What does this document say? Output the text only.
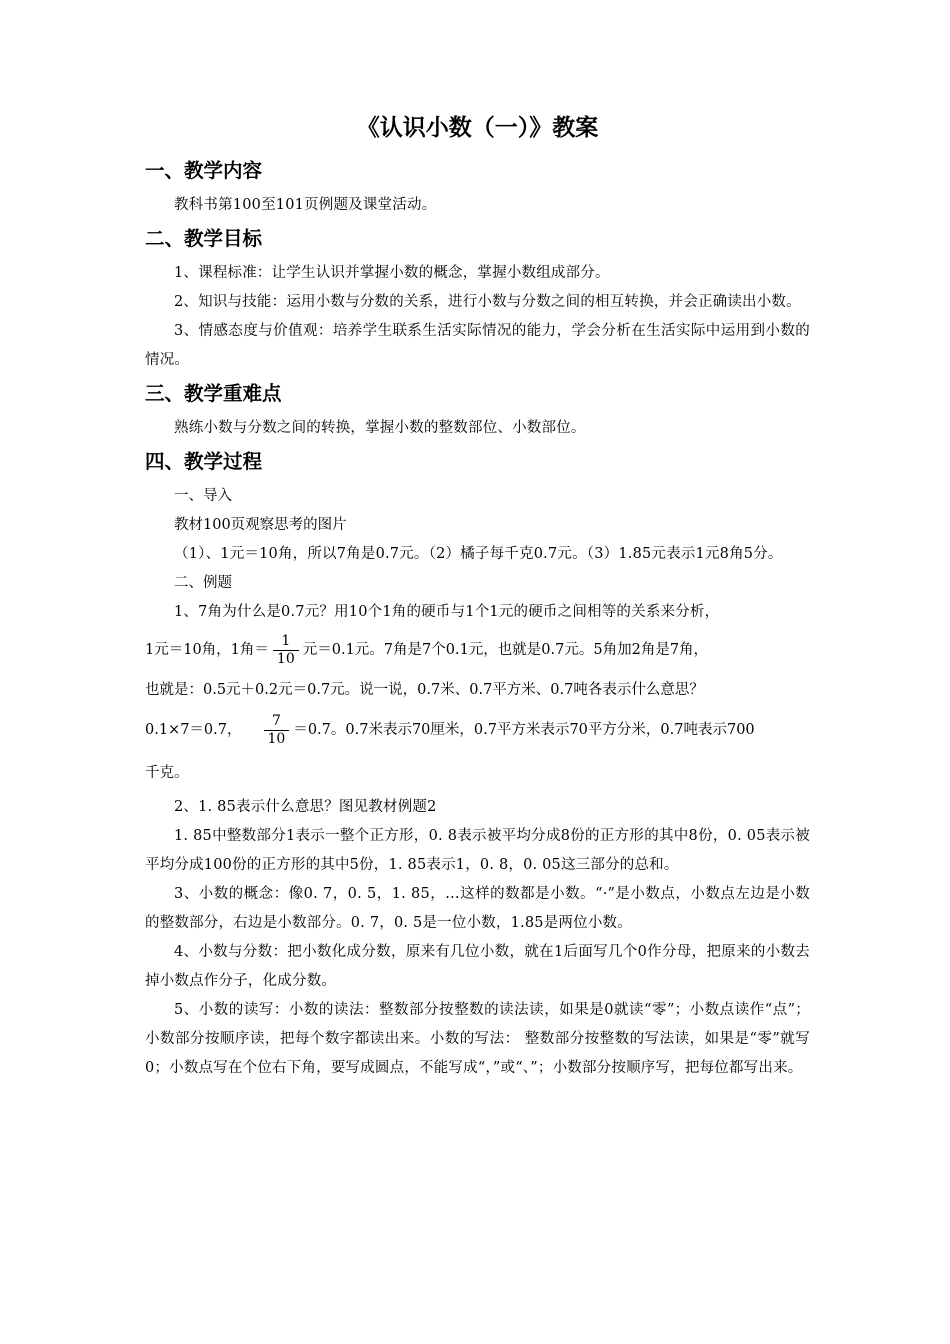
《认识小数（一）》教案
一、教学内容

教科书第100至101页例题及课堂活动。

二、教学目标

1、课程标准：让学生认识并掌握小数的概念，掌握小数组成部分。

2、知识与技能：运用小数与分数的关系，进行小数与分数之间的相互转换，并会正确读出小数。

3、情感态度与价值观：培养学生联系生活实际情况的能力，学会分析在生活实际中运用到小数的情况。

三、教学重难点

熟练小数与分数之间的转换，掌握小数的整数部位、小数部位。

四、教学过程

一、导入

教材100页观察思考的图片

（1）、1元＝10角，所以7角是0.7元。（2）橘子每千克0.7元。（3）1.85元表示1元8角5分。

二、例题

1、7角为什么是0.7元？用10个1角的硬币与1个1元的硬币之间相等的关系来分析，

1元＝10角，1角＝ $\frac{1}{10}$ 元＝0.1元。7角是7个0.1元，也就是0.7元。5角加2角是7角，

也就是：0.5元＋0.2元＝0.7元。说一说，0.7米、0.7平方米、0.7吨各表示什么意思？

0.1×7＝0.7， $\frac{7}{10} =0.7$。0.7米表示70厘米，0.7平方米表示70平方分米，0.7吨表示700

千克。

2、1. 85表示什么意思？图见教材例题2

1. 85中整数部分1表示一整个正方形，0. 8表示被平均分成8份的正方形的其中8份，0. 05表示被平均分成100份的正方形的其中5份，1. 85表示1，0. 8，0. 05这三部分的总和。

3、小数的概念：像0. 7，0. 5，1. 85，…这样的数都是小数。“·”是小数点，小数点左边是小数的整数部分，右边是小数部分。0. 7，0. 5是一位小数，1.85是两位小数。

4、小数与分数：把小数化成分数，原来有几位小数，就在1后面写几个0作分母，把原来的小数去掉小数点作分子，化成分数。

5、小数的读写：小数的读法：整数部分按整数的读法读，如果是0就读“零”；小数点读作“点”；小数部分按顺序读，把每个数字都读出来。小数的写法： 整数部分按整数的写法读，如果是“零”就写0；小数点写在个位右下角，要写成圆点，不能写成“，”或“、”；小数部分按顺序写，把每位都写出来。
